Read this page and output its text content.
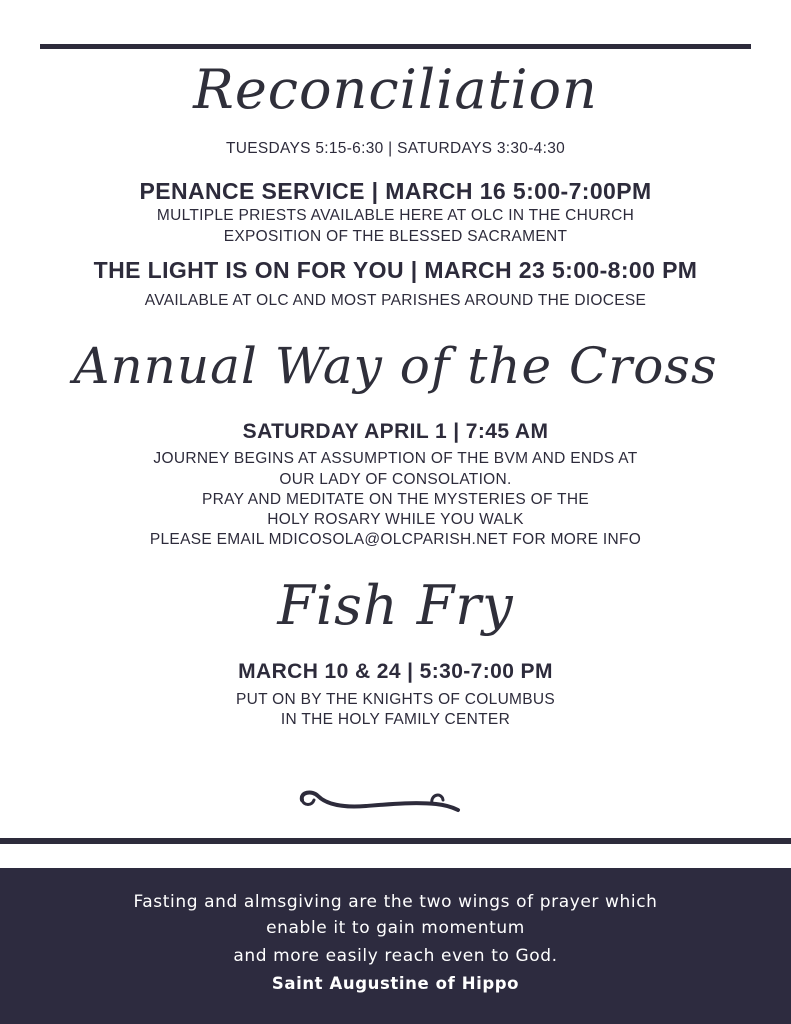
Reconciliation
TUESDAYS 5:15-6:30 | SATURDAYS 3:30-4:30
PENANCE SERVICE | MARCH 16 5:00-7:00PM
MULTIPLE PRIESTS AVAILABLE HERE AT OLC IN THE CHURCH
EXPOSITION OF THE BLESSED SACRAMENT
THE LIGHT IS ON FOR YOU | MARCH 23 5:00-8:00 PM
AVAILABLE AT OLC AND MOST PARISHES AROUND THE DIOCESE
Annual Way of the Cross
SATURDAY APRIL 1 | 7:45 AM
JOURNEY BEGINS AT ASSUMPTION OF THE BVM AND ENDS AT
OUR LADY OF CONSOLATION.
PRAY AND MEDITATE ON THE MYSTERIES OF THE
HOLY ROSARY WHILE YOU WALK
PLEASE EMAIL MDICOSOLA@OLCPARISH.NET FOR MORE INFO
Fish Fry
MARCH 10 & 24 | 5:30-7:00 PM
PUT ON BY THE KNIGHTS OF COLUMBUS
IN THE HOLY FAMILY CENTER
Fasting and almsgiving are the two wings of prayer which
enable it to gain momentum
and more easily reach even to God.
Saint Augustine of Hippo
